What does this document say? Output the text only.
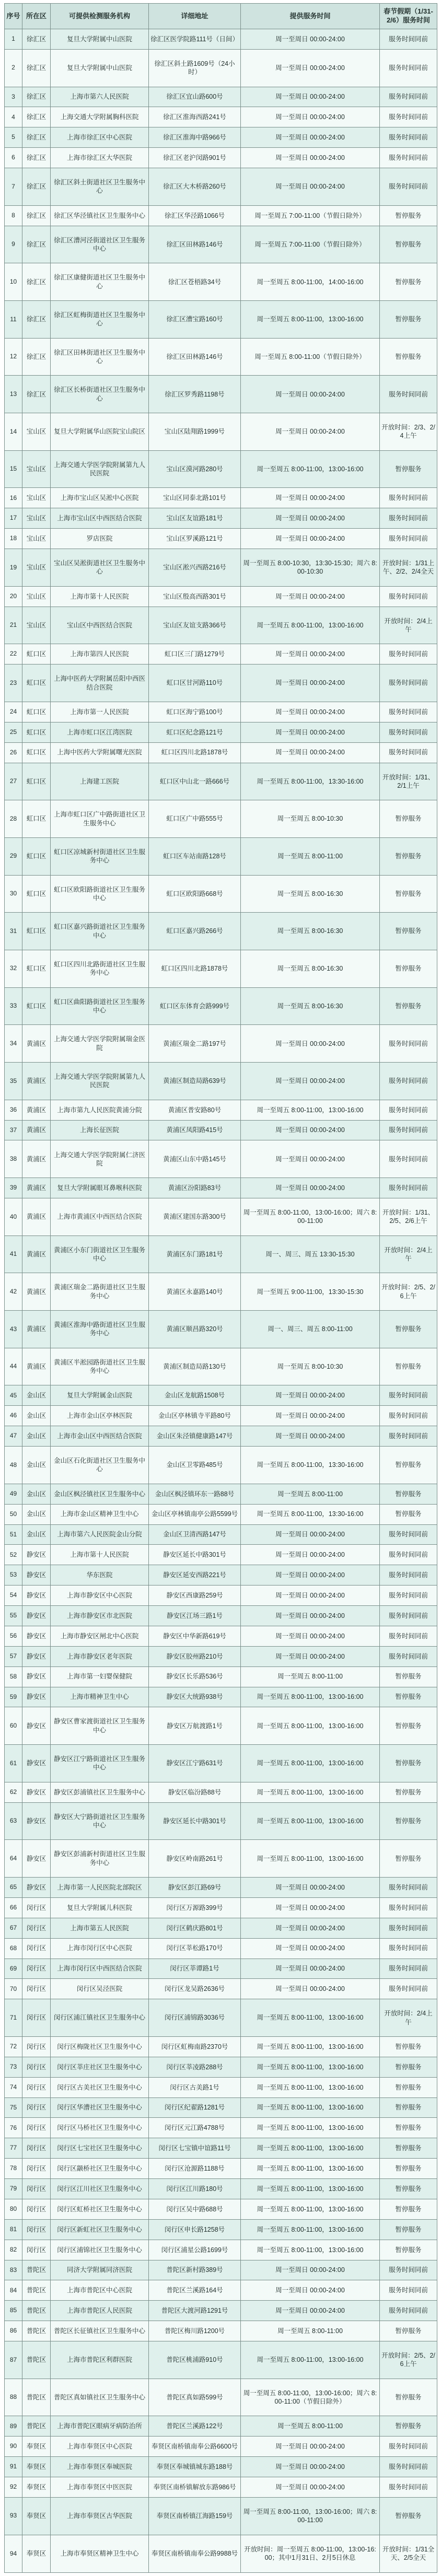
序号	所在区	可提供检测服务机构	详细地址	提供服务时间	春节假期（1/31-2/6）服务时间
1	徐汇区	复旦大学附属中山医院	徐汇区医学院路111号（日间）	周一至周日 00:00-24:00	服务时间同前
2	徐汇区	复旦大学附属中山医院	徐汇区斜土路1609号（24小时）	周一至周日 00:00-24:00	服务时间同前
3	徐汇区	上海市第六人民医院	徐汇区宜山路600号	周一至周日 00:00-24:00	服务时间同前
4	徐汇区	上海交通大学附属胸科医院	徐汇区淮海西路241号	周一至周日 00:00-24:00	服务时间同前
5	徐汇区	上海市徐汇区中心医院	徐汇区淮海中路966号	周一至周日 00:00-24:00	服务时间同前
6	徐汇区	上海市徐汇区大华医院	徐汇区老沪闵路901号	周一至周日 00:00-24:00	服务时间同前
7	徐汇区	徐汇区斜土街道社区卫生服务中心	徐汇区大木桥路260号	周一至周日 00:00-24:00	服务时间同前
8	徐汇区	徐汇区华泾镇社区卫生服务中心	徐汇区华泾路1066号	周一至周五 7:00-11:00（节假日除外）	暂停服务
9	徐汇区	徐汇区漕河泾街道社区卫生服务中心	徐汇区田林路146号	周一至周五 7:00-11:00（节假日除外）	暂停服务
10	徐汇区	徐汇区康健街道社区卫生服务中心	徐汇区苍梧路34号	周一至周五 8:00-11:00，14:00-16:00	暂停服务
11	徐汇区	徐汇区虹梅街道社区卫生服务中心	徐汇区漕宝路160号	周一至周五 8:00-11:00，13:00-16:00	暂停服务
12	徐汇区	徐汇区田林街道社区卫生服务中心	徐汇区田林路146号	周一至周五 8:00-11:00（节假日除外）	暂停服务
13	徐汇区	徐汇区长桥街道社区卫生服务中心	徐汇区罗秀路1198号	周一至周日 00:00-24:00	服务时间同前
14	宝山区	复旦大学附属华山医院宝山院区	宝山区陆翔路1999号	周一至周日 00:00-24:00	开放时间：2/3、2/4上午
15	宝山区	上海交通大学医学院附属第九人民医院	宝山区漠河路280号	周一至周五 8:00-11:00，13:00-16:00	暂停服务
16	宝山区	上海市宝山区吴淞中心医院	宝山区同泰北路101号	周一至周日 00:00-24:00	服务时间同前
17	宝山区	上海市宝山区中西医结合医院	宝山区友谊路181号	周一至周日 00:00-24:00	服务时间同前
18	宝山区	罗店医院	宝山区罗溪路121号	周一至周日 00:00-24:00	服务时间同前
19	宝山区	宝山区吴淞街道社区卫生服务中心	宝山区淞兴西路216号	周一至周五 8:00-10:30，13:30-15:30；周六 8:00-10:30	开放时间：1/31上午、2/2、2/4全天
20	宝山区	上海市第十人民医院	宝山区殷高西路301号	周一至周日 00:00-24:00	服务时间同前
21	宝山区	宝山区中西医结合医院	宝山区友谊支路366号	周一至周五 8:00-11:00，13:00-16:00	开放时间：2/4上午
22	虹口区	上海市第四人民医院	虹口区三门路1279号	周一至周日 00:00-24:00	服务时间同前
23	虹口区	上海中医药大学附属岳阳中西医结合医院	虹口区甘河路110号	周一至周日 00:00-24:00	服务时间同前
24	虹口区	上海市第一人民医院	虹口区海宁路100号	周一至周日 00:00-24:00	服务时间同前
25	虹口区	上海市虹口区江湾医院	虹口区纪念路121号	周一至周日 00:00-24:00	服务时间同前
26	虹口区	上海中医药大学附属曙光医院	虹口区四川北路1878号	周一至周日 00:00-24:00	服务时间同前
27	虹口区	上海建工医院	虹口区中山北一路666号	周一至周五 8:00-11:00，13:30-16:00	开放时间：1/31、2/1上午
28	虹口区	上海市虹口区广中路街道社区卫生服务中心	虹口区广中路555号	周一至周五 8:00-10:30	暂停服务
29	虹口区	虹口区凉城新村街道社区卫生服务中心	虹口区车站南路128号	周一至周五 8:00-11:00	暂停服务
30	虹口区	虹口区欧阳路街道社区卫生服务中心	虹口区欧阳路668号	周一至周五 8:00-16:30	暂停服务
31	虹口区	虹口区嘉兴路街道社区卫生服务中心	虹口区嘉兴路266号	周一至周五 8:00-16:30	暂停服务
32	虹口区	虹口区四川北路街道社区卫生服务中心	虹口区四川北路1878号	周一至周五 8:00-16:30	暂停服务
33	虹口区	虹口区曲阳路街道社区卫生服务中心	虹口区东体育会路999号	周一至周五 8:00-16:30	暂停服务
34	黄浦区	上海交通大学医学院附属瑞金医院	黄浦区瑞金二路197号	周一至周日 00:00-24:00	服务时间同前
35	黄浦区	上海交通大学医学院附属第九人民医院	黄浦区制造局路639号	周一至周日 00:00-24:00	服务时间同前
36	黄浦区	上海市第九人民医院黄浦分院	黄浦区普安路80号	周一至周五 8:00-11:00，13:00-16:00	服务时间同前
37	黄浦区	上海长征医院	黄浦区凤阳路415号	周一至周日 00:00-24:00	服务时间同前
38	黄浦区	上海交通大学医学院附属仁济医院	黄浦区山东中路145号	周一至周日 00:00-24:00	服务时间同前
39	黄浦区	复旦大学附属眼耳鼻喉科医院	黄浦区汾阳路83号	周一至周日 00:00-24:00	服务时间同前
40	黄浦区	上海市黄浦区中西医结合医院	黄浦区建国东路300号	周一至周五 8:00-11:00，13:00-16:00；周六 8:00-11:00	开放时间：1/31、2/5、2/6上午
41	黄浦区	黄浦区小东门街道社区卫生服务中心	黄浦区东门路181号	周一、周三、周五 13:30-15:30	开放时间：2/4上午
42	黄浦区	黄浦区瑞金二路街道社区卫生服务中心	黄浦区永嘉路140号	周一至周五 9:00-11:00，13:30-15:30	开放时间：2/5、2/6上午
43	黄浦区	黄浦区淮海中路街道社区卫生服务中心	黄浦区顺昌路320号	周一、周三、周五 8:00-11:00	暂停服务
44	黄浦区	黄浦区半淞园路街道社区卫生服务中心	黄浦区制造局路130号	周一至周五 8:00-10:30	暂停服务
45	金山区	复旦大学附属金山医院	金山区龙航路1508号	周一至周日 00:00-24:00	服务时间同前
46	金山区	上海市金山区亭林医院	金山区亭林镇寺平路80号	周一至周日 00:00-24:00	服务时间同前
47	金山区	上海市金山区中西医结合医院	金山区朱泾镇健康路147号	周一至周日 00:00-24:00	服务时间同前
48	金山区	金山区石化街道社区卫生服务中心	金山区卫零路485号	周一至周五 8:00-11:00，13:30-16:00	暂停服务
49	金山区	金山区枫泾镇社区卫生服务中心	金山区枫泾镇环东一路88号	周一至周五 8:00-11:00	暂停服务
50	金山区	上海市金山区精神卫生中心	金山区亭林镇南亭公路5599号	周一至周五 8:00-11:00，13:30-16:00	暂停服务
51	金山区	上海市第六人民医院金山分院	金山区卫清西路147号	周一至周日 00:00-24:00	服务时间同前
52	静安区	上海市第十人民医院	静安区延长中路301号	周一至周日 00:00-24:00	服务时间同前
53	静安区	华东医院	静安区延安西路221号	周一至周日 00:00-24:00	服务时间同前
54	静安区	上海市静安区中心医院	静安区西康路259号	周一至周日 00:00-24:00	服务时间同前
55	静安区	上海市静安区市北医院	静安区江场三路1号	周一至周日 00:00-24:00	服务时间同前
56	静安区	上海市静安区闸北中心医院	静安区中华新路619号	周一至周日 00:00-24:00	服务时间同前
57	静安区	上海市静安区老年医院	静安区胶州路210号	周一至周日 00:00-24:00	服务时间同前
58	静安区	上海市第一妇婴保健院	静安区长乐路536号	周一至周五 8:00-11:00	暂停服务
59	静安区	上海市精神卫生中心	静安区大统路938号	周一至周五 8:00-11:00，13:00-16:00	暂停服务
60	静安区	静安区曹家渡街道社区卫生服务中心	静安区万航渡路1号	周一至周五 8:00-11:00，13:00-16:00	暂停服务
61	静安区	静安区江宁路街道社区卫生服务中心	静安区江宁路631号	周一至周五 8:00-11:00，13:00-16:00	暂停服务
62	静安区	静安区彭浦镇社区卫生服务中心	静安区临汾路88号	周一至周五 8:00-11:00，13:00-16:00	暂停服务
63	静安区	静安区大宁路街道社区卫生服务中心	静安区延长中路301号	周一至周五 8:00-11:00，13:00-16:00	暂停服务
64	静安区	静安区彭浦新村街道社区卫生服务中心	静安区岭南路261号	周一至周五 8:00-11:00，13:00-16:00	暂停服务
65	静安区	上海市第一人民医院北部院区	静安区彭江路69号	周一至周日 00:00-24:00	服务时间同前
66	闵行区	复旦大学附属儿科医院	闵行区万源路399号	周一至周日 00:00-24:00	服务时间同前
67	闵行区	上海市第五人民医院	闵行区鹤庆路801号	周一至周日 00:00-24:00	服务时间同前
68	闵行区	上海市闵行区中心医院	闵行区莘松路170号	周一至周日 00:00-24:00	服务时间同前
69	闵行区	上海市闵行区中西医结合医院	闵行区莘谭路1号	周一至周日 00:00-24:00	服务时间同前
70	闵行区	闵行区吴泾医院	闵行区龙吴路2636号	周一至周日 00:00-24:00	服务时间同前
71	闵行区	闵行区浦江镇社区卫生服务中心	闵行区浦锦路3036号	周一至周五 8:00-11:00，13:00-16:00	开放时间：2/4上午
72	闵行区	闵行区梅陇社区卫生服务中心	闵行区虹梅南路2370号	周一至周五 8:00-11:00，13:00-16:00	暂停服务
73	闵行区	闵行区莘庄社区卫生服务中心	闵行区莘凌路288号	周一至周五 8:00-11:00，13:00-16:00	暂停服务
74	闵行区	闵行区古美社区卫生服务中心	闵行区古美路1号	周一至周五 8:00-11:00，13:00-16:00	暂停服务
75	闵行区	闵行区华漕社区卫生服务中心	闵行区纪翟路1281号	周一至周五 8:00-11:00，13:00-16:00	暂停服务
76	闵行区	闵行区马桥社区卫生服务中心	闵行区元江路4788号	周一至周五 8:00-11:00，13:00-16:00	暂停服务
77	闵行区	闵行区七宝社区卫生服务中心	闵行区七宝镇中谊路11号	周一至周五 8:00-11:00，13:00-16:00	暂停服务
78	闵行区	闵行区颛桥社区卫生服务中心	闵行区沧源路1188号	周一至周五 8:00-11:00，13:00-16:00	暂停服务
79	闵行区	闵行区江川社区卫生服务中心	闵行区江川路180号	周一至周五 8:00-11:00，13:00-16:00	暂停服务
80	闵行区	闵行区虹桥社区卫生服务中心	闵行区吴中路688号	周一至周五 8:00-11:00，13:00-16:00	暂停服务
81	闵行区	闵行区新虹社区卫生服务中心	闵行区申长路1258号	周一至周五 8:00-11:00，13:00-16:00	暂停服务
82	闵行区	闵行区浦锦社区卫生服务中心	闵行区浦星公路1699号	周一至周五 8:00-11:00，13:00-16:00	暂停服务
83	普陀区	同济大学附属同济医院	普陀区新村路389号	周一至周日 00:00-24:00	服务时间同前
84	普陀区	上海市普陀区中心医院	普陀区兰溪路164号	周一至周日 00:00-24:00	服务时间同前
85	普陀区	上海市普陀区人民医院	普陀区大渡河路1291号	周一至周日 00:00-24:00	服务时间同前
86	普陀区	普陀区长征镇社区卫生服务中心	普陀区梅川路1200号	周一至周五 8:00-11:00	暂停服务
87	普陀区	上海市普陀区利群医院	普陀区桃浦路910号	周一至周五 8:00-11:00，13:00-16:00	开放时间：2/5、2/6上午
88	普陀区	普陀区真如镇社区卫生服务中心	普陀区真如路599号	周一至周五 8:00-11:00，13:00-16:00；周六 8:00-11:00（节假日除外）	暂停服务
89	普陀区	上海市普陀区眼病牙病防治所	普陀区兰溪路122号	周一至周五 8:00-11:00	暂停服务
90	奉贤区	上海市奉贤区中心医院	奉贤区南桥镇南奉公路6600号	周一至周日 00:00-24:00	服务时间同前
91	奉贤区	上海市奉贤区奉城医院	奉贤区奉城镇城东路188号	周一至周日 00:00-24:00	服务时间同前
92	奉贤区	上海市奉贤区中医医院	奉贤区南桥镇解放东路986号	周一至周日 00:00-24:00	服务时间同前
93	奉贤区	上海市奉贤区古华医院	奉贤区南桥镇江海路159号	周一至周五 8:00-11:00，13:00-16:00；周六 8:00-11:00	暂停服务
94	奉贤区	上海市奉贤区精神卫生中心	奉贤区南桥镇南奉公路9988号	开放时间：周一至周五 8:00-11:00，13:00-16:00；其中1月31日、2月5日休息	开放时间：1/31全天、2/5全天
